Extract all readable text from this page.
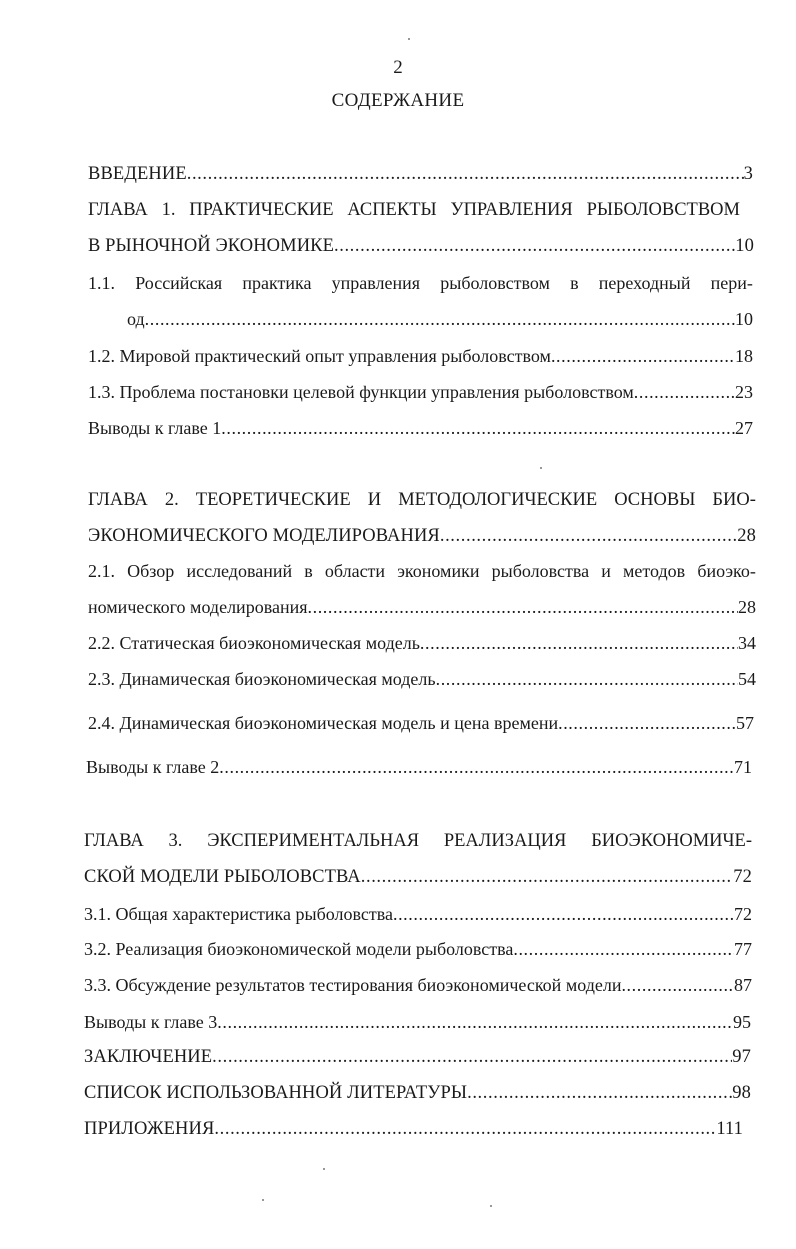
2
СОДЕРЖАНИЕ
ВВЕДЕНИЕ .....	3
ГЛАВА 1. ПРАКТИЧЕСКИЕ АСПЕКТЫ УПРАВЛЕНИЯ РЫБОЛОВСТВОМ
В РЫНОЧНОЙ ЭКОНОМИКЕ .....	10
1.1. Российская практика управления рыболовством в переходный пери-
од .....	10
1.2. Мировой практический опыт управления рыболовством .....	18
1.3. Проблема постановки целевой функции управления рыболовством .....	23
Выводы к главе 1 .....	27
ГЛАВА 2. ТЕОРЕТИЧЕСКИЕ И МЕТОДОЛОГИЧЕСКИЕ ОСНОВЫ БИО-
ЭКОНОМИЧЕСКОГО МОДЕЛИРОВАНИЯ .....	28
2.1. Обзор исследований в области экономики рыболовства и методов биоэко-
номического моделирования .....	28
2.2. Статическая биоэкономическая модель .....	34
2.3. Динамическая биоэкономическая модель .....	54
2.4. Динамическая биоэкономическая модель и цена времени .....	57
Выводы к главе 2 .....	71
ГЛАВА 3. ЭКСПЕРИМЕНТАЛЬНАЯ РЕАЛИЗАЦИЯ БИОЭКОНОМИЧЕ-
СКОЙ МОДЕЛИ РЫБОЛОВСТВА .....	72
3.1. Общая характеристика рыболовства .....	72
3.2. Реализация биоэкономической модели рыболовства .....	77
3.3. Обсуждение результатов тестирования биоэкономической модели .....	87
Выводы к главе 3 .....	95
ЗАКЛЮЧЕНИЕ .....	97
СПИСОК ИСПОЛЬЗОВАННОЙ ЛИТЕРАТУРЫ .....	98
ПРИЛОЖЕНИЯ .....	111
